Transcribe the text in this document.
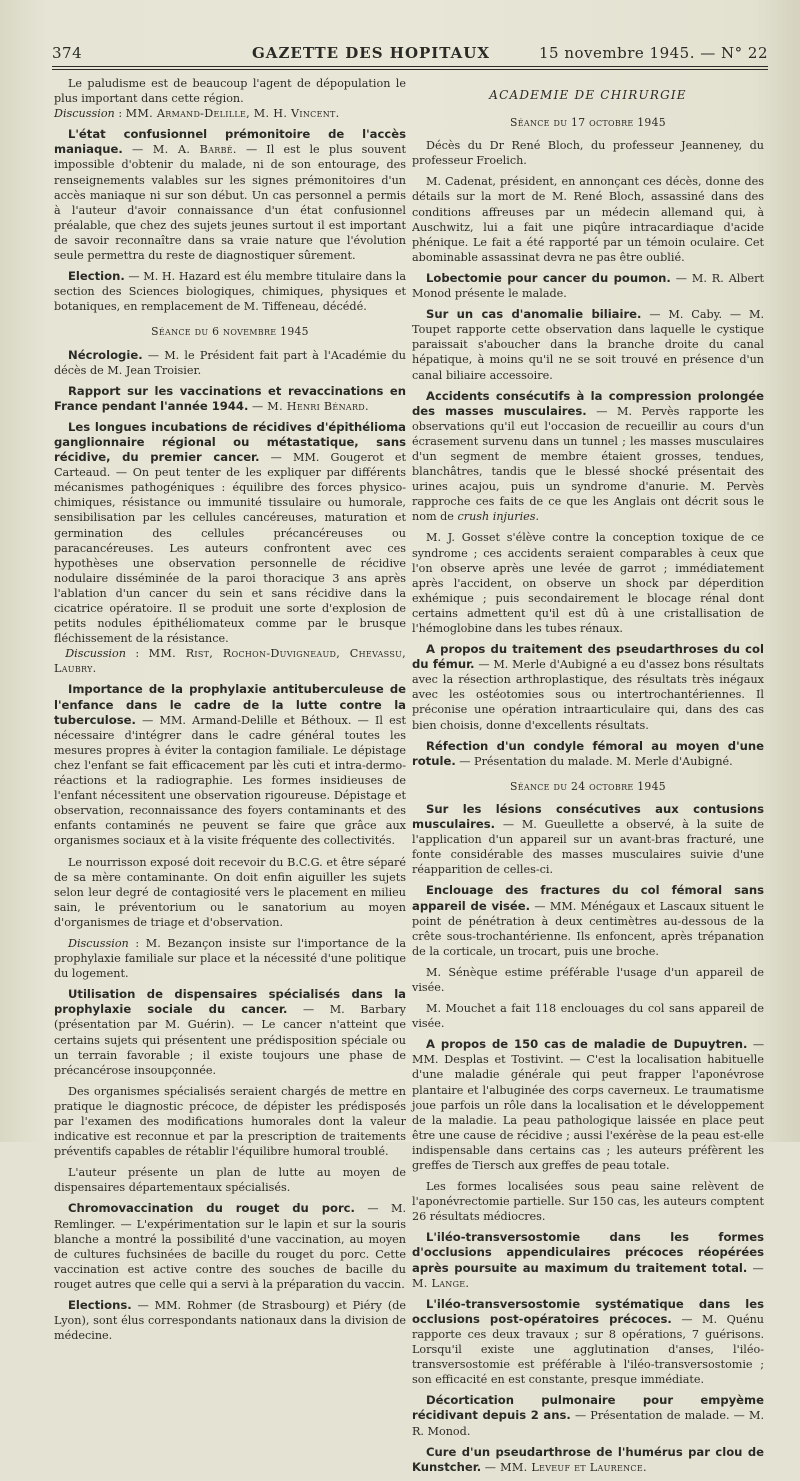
374	GAZETTE DES HOPITAUX	15 novembre 1945. — N° 22

Le paludisme est de beaucoup l'agent de dépopulation le plus important dans cette région.
Discussion : MM. Armand-Delille, M. H. Vincent.

L'état confusionnel prémonitoire de l'accès maniaque. — M. A. Barbé. — Il est le plus souvent impossible d'obtenir du malade, ni de son entourage, des renseignements valables sur les signes prémonitoires d'un accès maniaque ni sur son début. Un cas personnel a permis à l'auteur d'avoir connaissance d'un état confusionnel préalable, que chez des sujets jeunes surtout il est important de savoir reconnaître dans sa vraie nature que l'évolution seule permettra du reste de diagnostiquer sûrement.

Election. — M. H. Hazard est élu membre titulaire dans la section des Sciences biologiques, chimiques, physiques et botaniques, en remplacement de M. Tiffeneau, décédé.

Séance du 6 novembre 1945

Nécrologie. — M. le Président fait part à l'Académie du décès de M. Jean Troisier.

Rapport sur les vaccinations et revaccinations en France pendant l'année 1944. — M. Henri Bénard.

Les longues incubations de récidives d'épithélioma ganglionnaire régional ou métastatique, sans récidive, du premier cancer. — MM. Gougerot et Carteaud. — On peut tenter de les expliquer par différents mécanismes pathogéniques : équilibre des forces physico-chimiques, résistance ou immunité tissulaire ou humorale, sensibilisation par les cellules cancéreuses, maturation et germination des cellules précancéreuses ou paracancéreuses. Les auteurs confrontent avec ces hypothèses une observation personnelle de récidive nodulaire disséminée de la paroi thoracique 3 ans après l'ablation d'un cancer du sein et sans récidive dans la cicatrice opératoire. Il se produit une sorte d'explosion de petits nodules épithéliomateux comme par le brusque fléchissement de la résistance.
 Discussion : MM. Rist, Rochon-Duvigneaud, Chevassu, Laubry.

Importance de la prophylaxie antituberculeuse de l'enfance dans le cadre de la lutte contre la tuberculose. — MM. Armand-Delille et Béthoux. — Il est nécessaire d'intégrer dans le cadre général toutes les mesures propres à éviter la contagion familiale. Le dépistage chez l'enfant se fait efficacement par lès cuti et intra-dermo-réactions et la radiographie. Les formes insidieuses de l'enfant nécessitent une observation rigoureuse. Dépistage et observation, reconnaissance des foyers contaminants et des enfants contaminés ne peuvent se faire que grâce aux organismes sociaux et à la visite fréquente des collectivités.

Le nourrisson exposé doit recevoir du B.C.G. et être séparé de sa mère contaminante. On doit enfin aiguiller les sujets selon leur degré de contagiosité vers le placement en milieu sain, le préventorium ou le sanatorium au moyen d'organismes de triage et d'observation.

Discussion : M. Bezançon insiste sur l'importance de la prophylaxie familiale sur place et la nécessité d'une politique du logement.

Utilisation de dispensaires spécialisés dans la prophylaxie sociale du cancer. — M. Barbary (présentation par M. Guérin). — Le cancer n'atteint que certains sujets qui présentent une prédisposition spéciale ou un terrain favorable ; il existe toujours une phase de précancérose insoupçonnée.

Des organismes spécialisés seraient chargés de mettre en pratique le diagnostic précoce, de dépister les prédisposés par l'examen des modifications humorales dont la valeur indicative est reconnue et par la prescription de traitements préventifs capables de rétablir l'équilibre humoral troublé.

L'auteur présente un plan de lutte au moyen de dispensaires départementaux spécialisés.

Chromovaccination du rouget du porc. — M. Remlinger. — L'expérimentation sur le lapin et sur la souris blanche a montré la possibilité d'une vaccination, au moyen de cultures fuchsinées de bacille du rouget du porc. Cette vaccination est active contre des souches de bacille du rouget autres que celle qui a servi à la préparation du vaccin.

Elections. — MM. Rohmer (de Strasbourg) et Piéry (de Lyon), sont élus correspondants nationaux dans la division de médecine.

ACADEMIE DE CHIRURGIE

Séance du 17 octobre 1945

Décès du Dr René Bloch, du professeur Jeanneney, du professeur Froelich.

M. Cadenat, président, en annonçant ces décès, donne des détails sur la mort de M. René Bloch, assassiné dans des conditions affreuses par un médecin allemand qui, à Auschwitz, lui a fait une piqûre intracardiaque d'acide phénique. Le fait a été rapporté par un témoin oculaire. Cet abominable assassinat devra ne pas être oublié.

Lobectomie pour cancer du poumon. — M. R. Albert Monod présente le malade.

Sur un cas d'anomalie biliaire. — M. Caby. — M. Toupet rapporte cette observation dans laquelle le cystique paraissait s'aboucher dans la branche droite du canal hépatique, à moins qu'il ne se soit trouvé en présence d'un canal biliaire accessoire.

Accidents consécutifs à la compression prolongée des masses musculaires. — M. Pervès rapporte les observations qu'il eut l'occasion de recueillir au cours d'un écrasement survenu dans un tunnel ; les masses musculaires d'un segment de membre étaient grosses, tendues, blanchâtres, tandis que le blessé shocké présentait des urines acajou, puis un syndrome d'anurie. M. Pervès rapproche ces faits de ce que les Anglais ont décrit sous le nom de crush injuries.

M. J. Gosset s'élève contre la conception toxique de ce syndrome ; ces accidents seraient comparables à ceux que l'on observe après une levée de garrot ; immédiatement après l'accident, on observe un shock par déperdition exhémique ; puis secondairement le blocage rénal dont certains admettent qu'il est dû à une cristallisation de l'hémoglobine dans les tubes rénaux.

A propos du traitement des pseudarthroses du col du fémur. — M. Merle d'Aubigné a eu d'assez bons résultats avec la résection arthroplastique, des résultats très inégaux avec les ostéotomies sous ou intertrochantériennes. Il préconise une opération intraarticulaire qui, dans des cas bien choisis, donne d'excellents résultats.

Réfection d'un condyle fémoral au moyen d'une rotule. — Présentation du malade. M. Merle d'Aubigné.

Séance du 24 octobre 1945

Sur les lésions consécutives aux contusions musculaires. — M. Gueullette a observé, à la suite de l'application d'un appareil sur un avant-bras fracturé, une fonte considérable des masses musculaires suivie d'une réapparition de celles-ci.

Enclouage des fractures du col fémoral sans appareil de visée. — MM. Ménégaux et Lascaux situent le point de pénétration à deux centimètres au-dessous de la crête sous-trochantérienne. Ils enfoncent, après trépanation de la corticale, un trocart, puis une broche.

M. Sénèque estime préférable l'usage d'un appareil de visée.

M. Mouchet a fait 118 enclouages du col sans appareil de visée.

A propos de 150 cas de maladie de Dupuytren. — MM. Desplas et Tostivint. — C'est la localisation habituelle d'une maladie générale qui peut frapper l'aponévrose plantaire et l'albuginée des corps caverneux. Le traumatisme joue parfois un rôle dans la localisation et le développement de la maladie. La peau pathologique laissée en place peut être une cause de récidive ; aussi l'exérèse de la peau est-elle indispensable dans certains cas ; les auteurs préfèrent les greffes de Tiersch aux greffes de peau totale.

Les formes localisées sous peau saine relèvent de l'aponévrectomie partielle. Sur 150 cas, les auteurs comptent 26 résultats médiocres.

L'iléo-transversostomie dans les formes d'occlusions appendiculaires précoces réopérées après poursuite au maximum du traitement total. — M. Lange.

L'iléo-transversostomie systématique dans les occlusions post-opératoires précoces. — M. Quénu rapporte ces deux travaux ; sur 8 opérations, 7 guérisons. Lorsqu'il existe une agglutination d'anses, l'iléo-transversostomie est préférable à l'iléo-transversostomie ; son efficacité en est constante, presque immédiate.

Décortication pulmonaire pour empyème récidivant depuis 2 ans. — Présentation de malade. — M. R. Monod.

Cure d'un pseudarthrose de l'humérus par clou de Kunstcher. — MM. Leveuf et Laurence.
